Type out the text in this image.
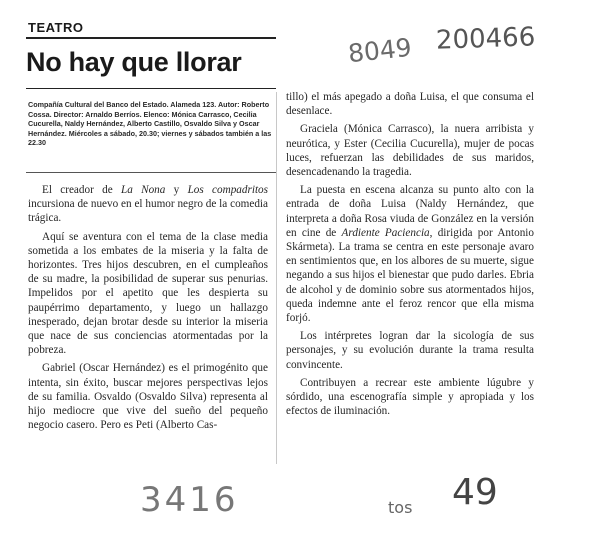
TEATRO
No hay que llorar
Compañía Cultural del Banco del Estado. Alameda 123. Autor: Roberto Cossa. Director: Arnaldo Berríos. Elenco: Mónica Carrasco, Cecilia Cucurella, Naldy Hernández, Alberto Castillo, Osvaldo Silva y Oscar Hernández. Miércoles a sábado, 20.30; viernes y sábados también a las 22.30
8049 200466

El creador de La Nona y Los compadritos incursiona de nuevo en el humor negro de la comedia trágica.

Aquí se aventura con el tema de la clase media sometida a los embates de la miseria y la falta de horizontes. Tres hijos descubren, en el cumpleaños de su madre, la posibilidad de superar sus penurias. Impelidos por el apetito que les despierta su paupérrimo departamento, y luego un hallazgo inesperado, dejan brotar desde su interior la miseria que nace de sus conciencias atormentadas por la pobreza.

Gabriel (Oscar Hernández) es el primogénito que intenta, sin éxito, buscar mejores perspectivas lejos de su familia. Osvaldo (Osvaldo Silva) representa al hijo mediocre que vive del sueño del pequeño negocio casero. Pero es Peti (Alberto Cas-

tillo) el más apegado a doña Luisa, el que consuma el desenlace.

Graciela (Mónica Carrasco), la nuera arribista y neurótica, y Ester (Cecilia Cucurella), mujer de pocas luces, refuerzan las debilidades de sus maridos, desencadenando la tragedia.

La puesta en escena alcanza su punto alto con la entrada de doña Luisa (Naldy Hernández, que interpreta a doña Rosa viuda de González en la versión en cine de Ardiente Paciencia, dirigida por Antonio Skármeta). La trama se centra en este personaje avaro en sentimientos que, en los albores de su muerte, sigue negando a sus hijos el bienestar que pudo darles. Ebria de alcohol y de dominio sobre sus atormentados hijos, queda indemne ante el feroz rencor que ella misma forjó.

Los intérpretes logran dar la sicología de sus personajes, y su evolución durante la trama resulta convincente.

Contribuyen a recrear este ambiente lúgubre y sórdido, una escenografía simple y apropiada y los efectos de iluminación.

3416	tos 49
